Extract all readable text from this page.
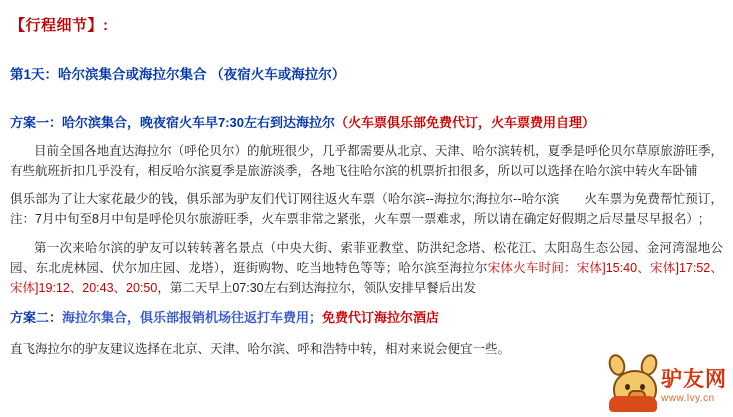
【行程细节】:
第1天：哈尔滨集合或海拉尔集合 （夜宿火车或海拉尔）
方案一：哈尔滨集合，晚夜宿火车早7:30左右到达海拉尔（火车票俱乐部免费代订，火车票费用自理）

目前全国各地直达海拉尔（呼伦贝尔）的航班很少，几乎都需要从北京、天津、哈尔滨转机，夏季是呼伦贝尔草原旅游旺季，有些航班折扣几乎没有，相反哈尔滨夏季是旅游淡季，各地飞往哈尔滨的机票折扣很多，所以可以选择在哈尔滨中转火车卧铺

俱乐部为了让大家花最少的钱，俱乐部为驴友们代订网往返火车票（哈尔滨--海拉尔;海拉尔--哈尔滨　　火车票为免费帮忙预订，注：7月中旬至8月中旬是呼伦贝尔旅游旺季，火车票非常之紧张，火车票一票难求，所以请在确定好假期之后尽量尽早报名）;

第一次来哈尔滨的驴友可以转转著名景点（中央大街、索菲亚教堂、防洪纪念塔、松花江、太阳岛生态公园、金河湾湿地公园、东北虎林园、伏尔加庄园、龙塔），逛街购物、吃当地特色等等；哈尔滨至海拉尔宋体火车时间：宋体]15:40、宋体]17:52、宋体]19:12、20:43、20:50，第二天早上07:30左右到达海拉尔，领队安排早餐后出发

方案二：海拉尔集合，俱乐部报销机场往返打车费用；免费代订海拉尔酒店
直飞海拉尔的驴友建议选择在北京、天津、哈尔滨、呼和浩特中转，相对来说会便宜一些。
驴友网
www.lvy.cn
